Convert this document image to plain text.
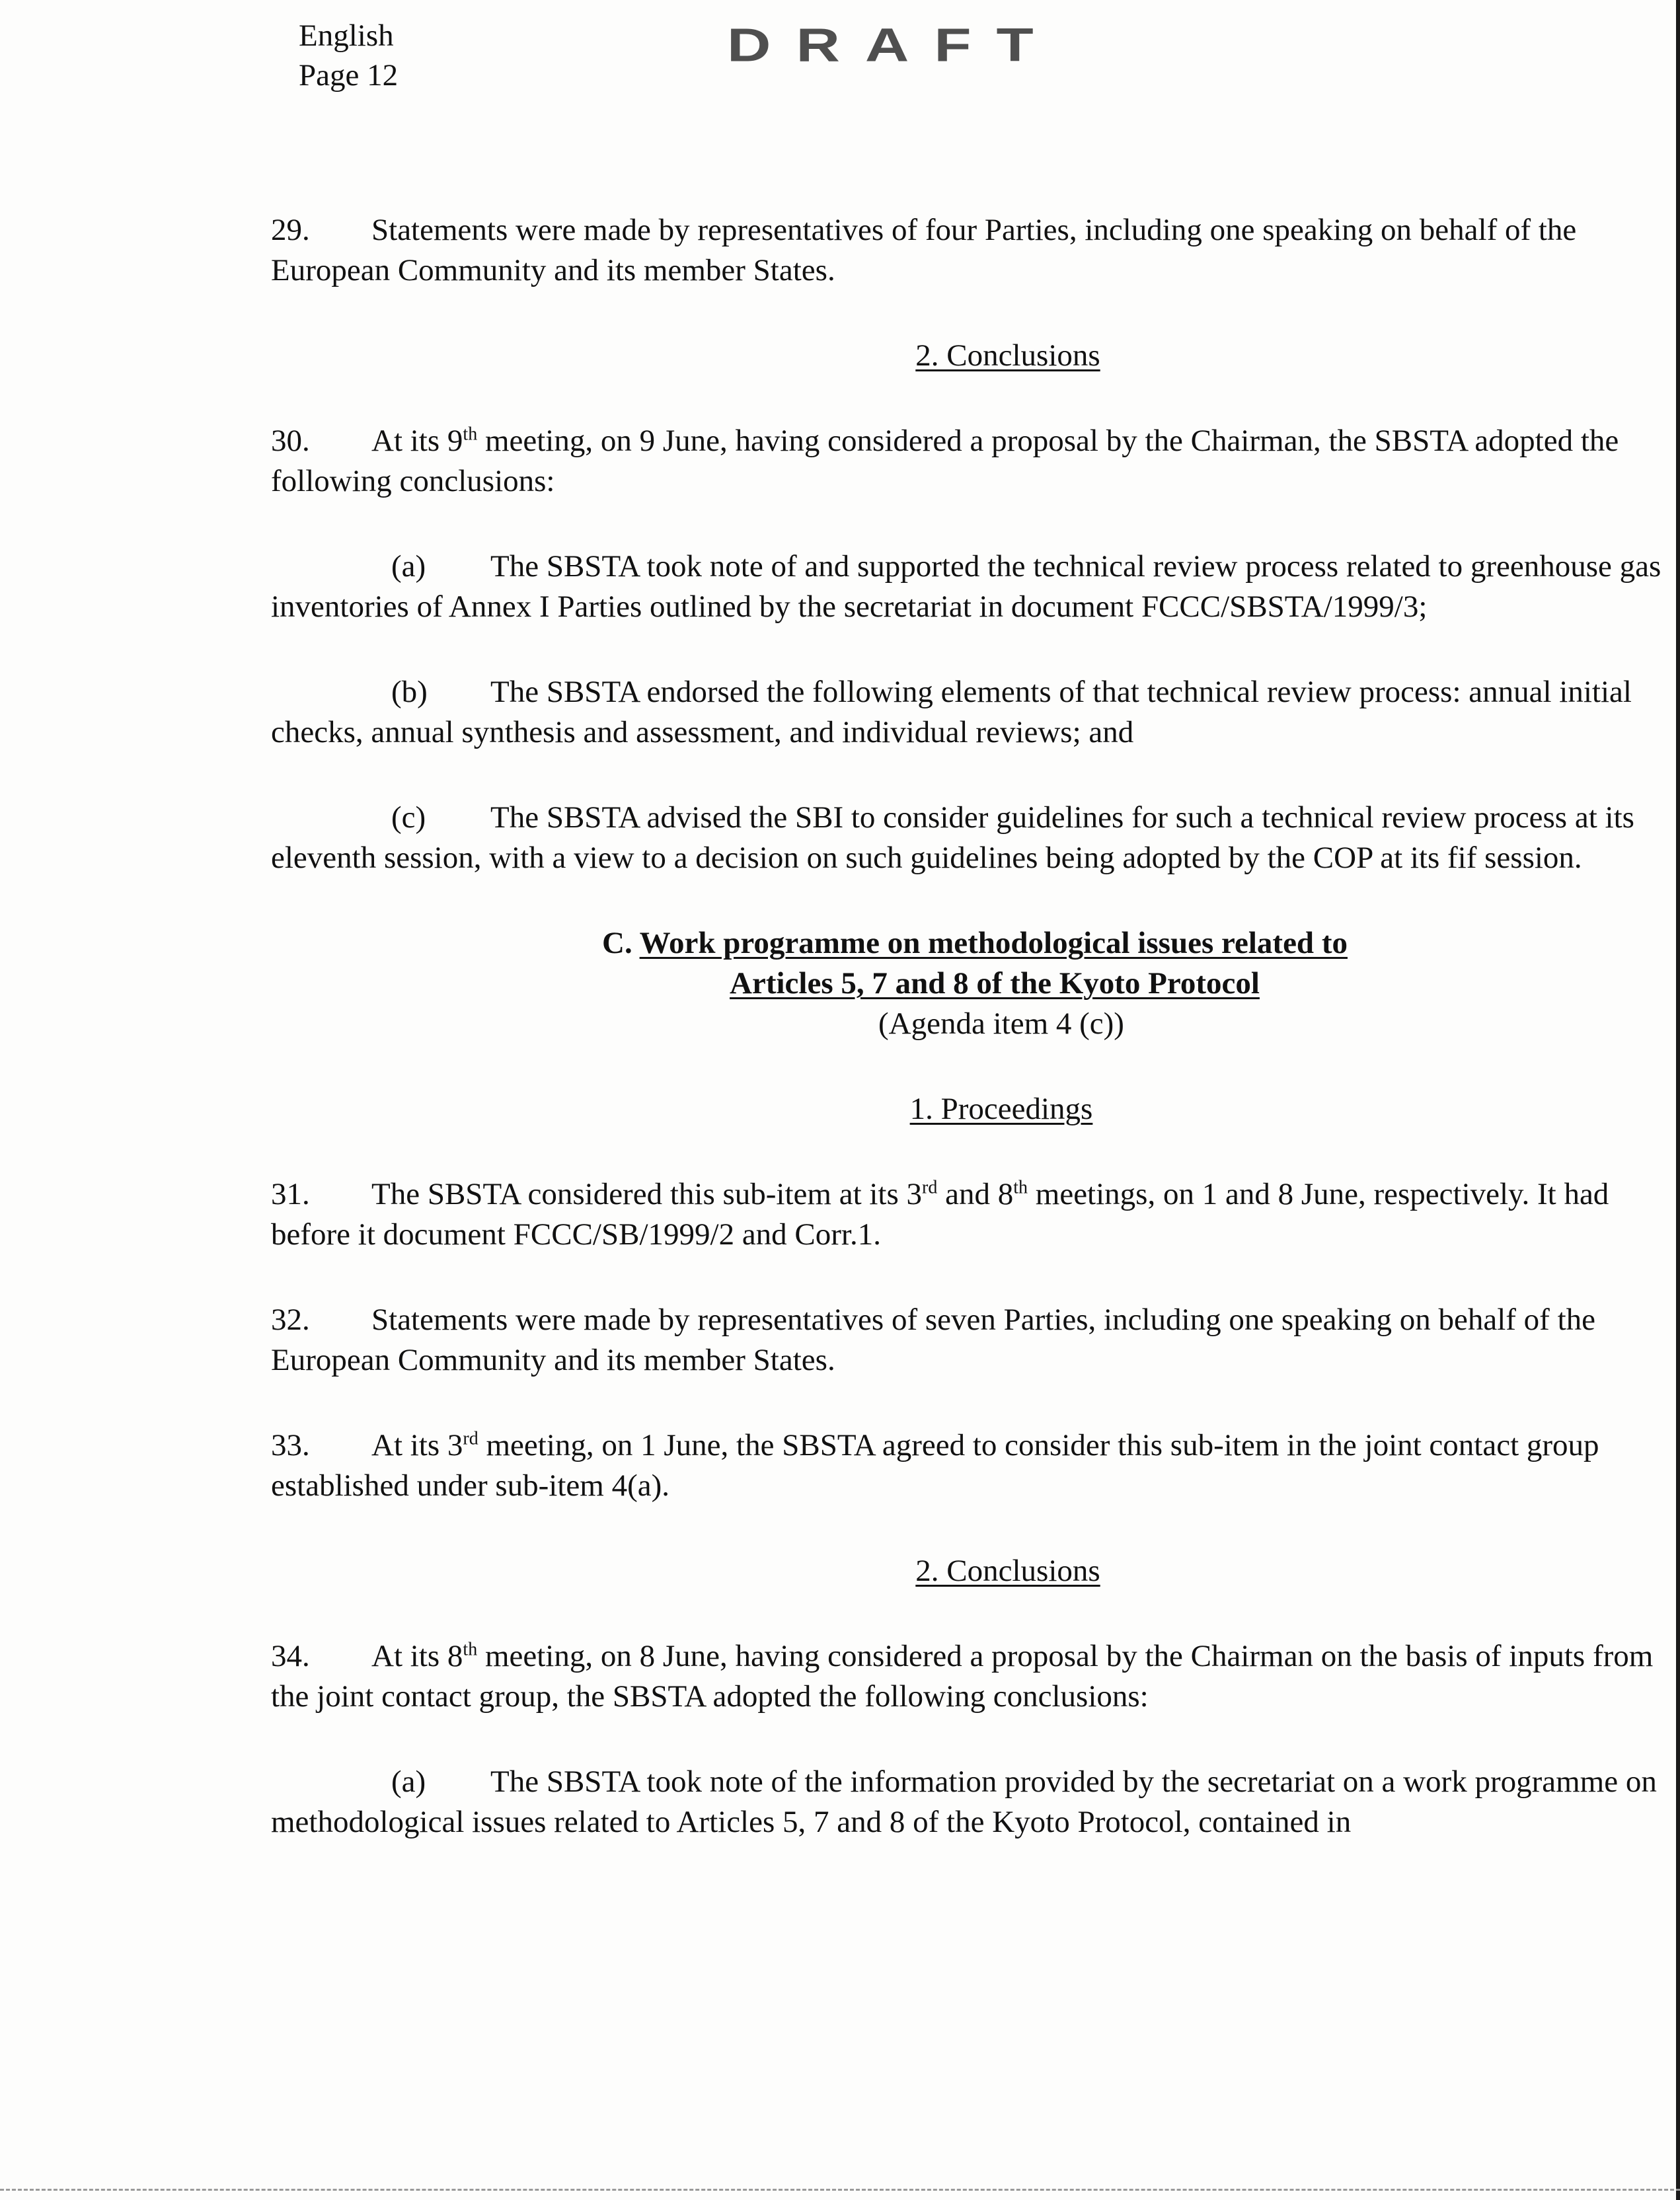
English
Page 12
DRAFT

29. Statements were made by representatives of four Parties, including one speaking on behalf of the European Community and its member States.

2. Conclusions

30. At its 9th meeting, on 9 June, having considered a proposal by the Chairman, the SBSTA adopted the following conclusions:

(a) The SBSTA took note of and supported the technical review process related to greenhouse gas inventories of Annex I Parties outlined by the secretariat in document FCCC/SBSTA/1999/3;

(b) The SBSTA endorsed the following elements of that technical review process: annual initial checks, annual synthesis and assessment, and individual reviews; and

(c) The SBSTA advised the SBI to consider guidelines for such a technical review process at its eleventh session, with a view to a decision on such guidelines being adopted by the COP at its fif session.

C. Work programme on methodological issues related to

Articles 5, 7 and 8 of the Kyoto Protocol

(Agenda item 4 (c))

1. Proceedings

31. The SBSTA considered this sub-item at its 3rd and 8th meetings, on 1 and 8 June, respectively. It had before it document FCCC/SB/1999/2 and Corr.1.

32. Statements were made by representatives of seven Parties, including one speaking on behalf of the European Community and its member States.

33. At its 3rd meeting, on 1 June, the SBSTA agreed to consider this sub-item in the joint contact group established under sub-item 4(a).

2. Conclusions

34. At its 8th meeting, on 8 June, having considered a proposal by the Chairman on the basis of inputs from the joint contact group, the SBSTA adopted the following conclusions:

(a) The SBSTA took note of the information provided by the secretariat on a work programme on methodological issues related to Articles 5, 7 and 8 of the Kyoto Protocol, contained in
